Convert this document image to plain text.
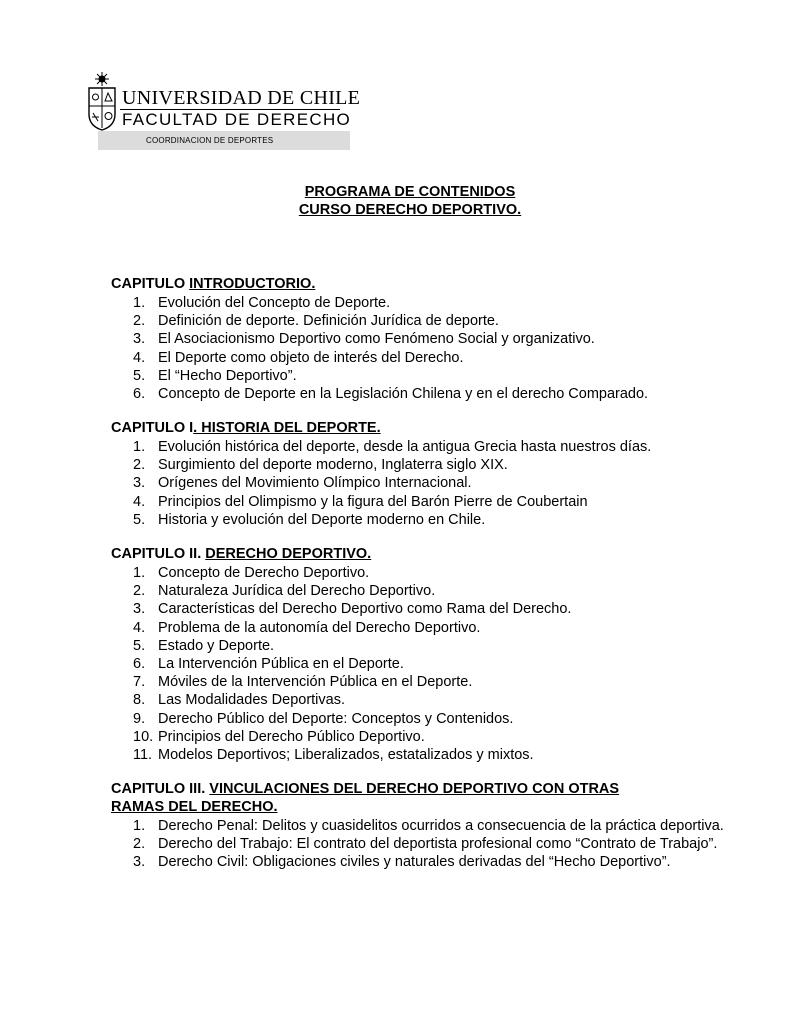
UNIVERSIDAD DE CHILE
FACULTAD DE DERECHO
COORDINACION DE DEPORTES
PROGRAMA DE CONTENIDOS
CURSO DERECHO DEPORTIVO.
CAPITULO INTRODUCTORIO.
1. Evolución del Concepto de Deporte.
2. Definición de deporte. Definición Jurídica de deporte.
3. El Asociacionismo Deportivo como Fenómeno Social y organizativo.
4. El Deporte como objeto de interés del Derecho.
5. El “Hecho Deportivo”.
6. Concepto de Deporte en la Legislación Chilena y en el derecho Comparado.
CAPITULO I. HISTORIA DEL DEPORTE.
1. Evolución histórica del deporte, desde la antigua Grecia hasta nuestros días.
2. Surgimiento del deporte moderno, Inglaterra siglo XIX.
3. Orígenes del Movimiento Olímpico Internacional.
4. Principios del Olimpismo y la figura del Barón Pierre de Coubertain
5. Historia y evolución del Deporte moderno en Chile.
CAPITULO II. DERECHO DEPORTIVO.
1. Concepto de Derecho Deportivo.
2. Naturaleza Jurídica del Derecho Deportivo.
3. Características del Derecho Deportivo como Rama del Derecho.
4. Problema de la autonomía del Derecho Deportivo.
5. Estado y Deporte.
6. La Intervención Pública en el Deporte.
7. Móviles de la Intervención Pública en el Deporte.
8. Las Modalidades Deportivas.
9. Derecho Público del Deporte: Conceptos y Contenidos.
10. Principios del Derecho Público Deportivo.
11. Modelos Deportivos; Liberalizados, estatalizados y mixtos.
CAPITULO III. VINCULACIONES DEL DERECHO DEPORTIVO CON OTRAS
RAMAS DEL DERECHO.
1. Derecho Penal: Delitos y cuasidelitos ocurridos a consecuencia de la práctica deportiva.
2. Derecho del Trabajo: El contrato del deportista profesional como “Contrato de Trabajo”.
3. Derecho Civil: Obligaciones civiles y naturales derivadas del “Hecho Deportivo”.
